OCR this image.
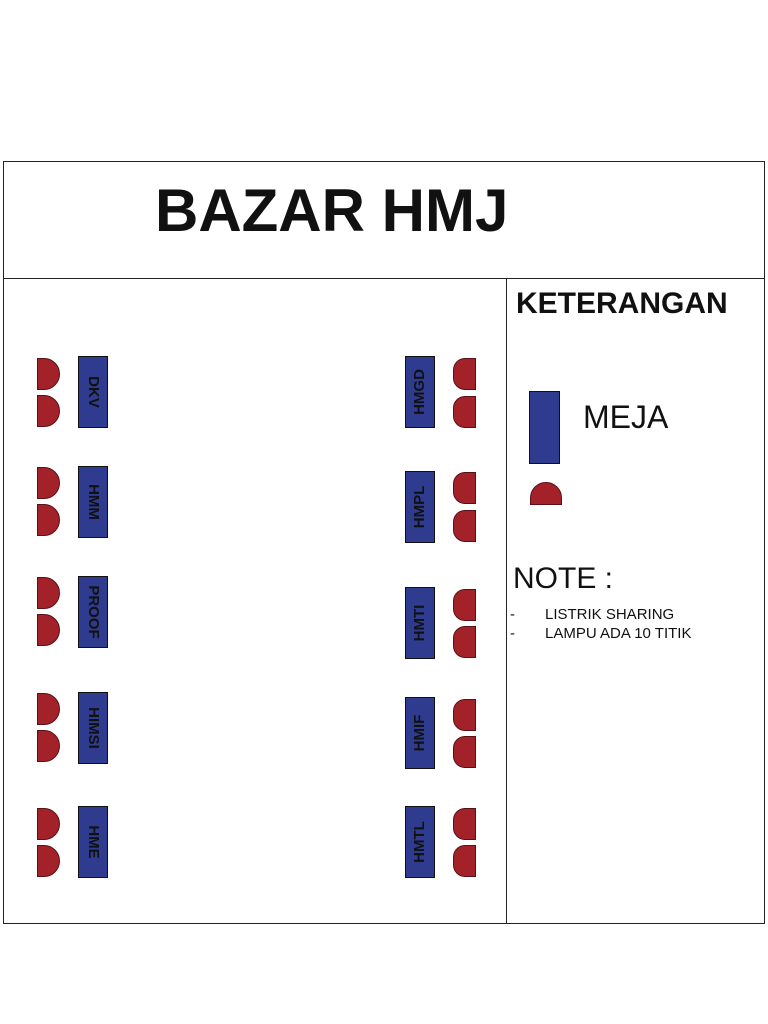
BAZAR HMJ
DKV
HMM
PROOF
HIMSI
HME
HMGD
HMPL
HMTI
HMIF
HMTL
KETERANGAN
MEJA
NOTE :
- LISTRIK SHARING
- LAMPU ADA 10 TITIK
